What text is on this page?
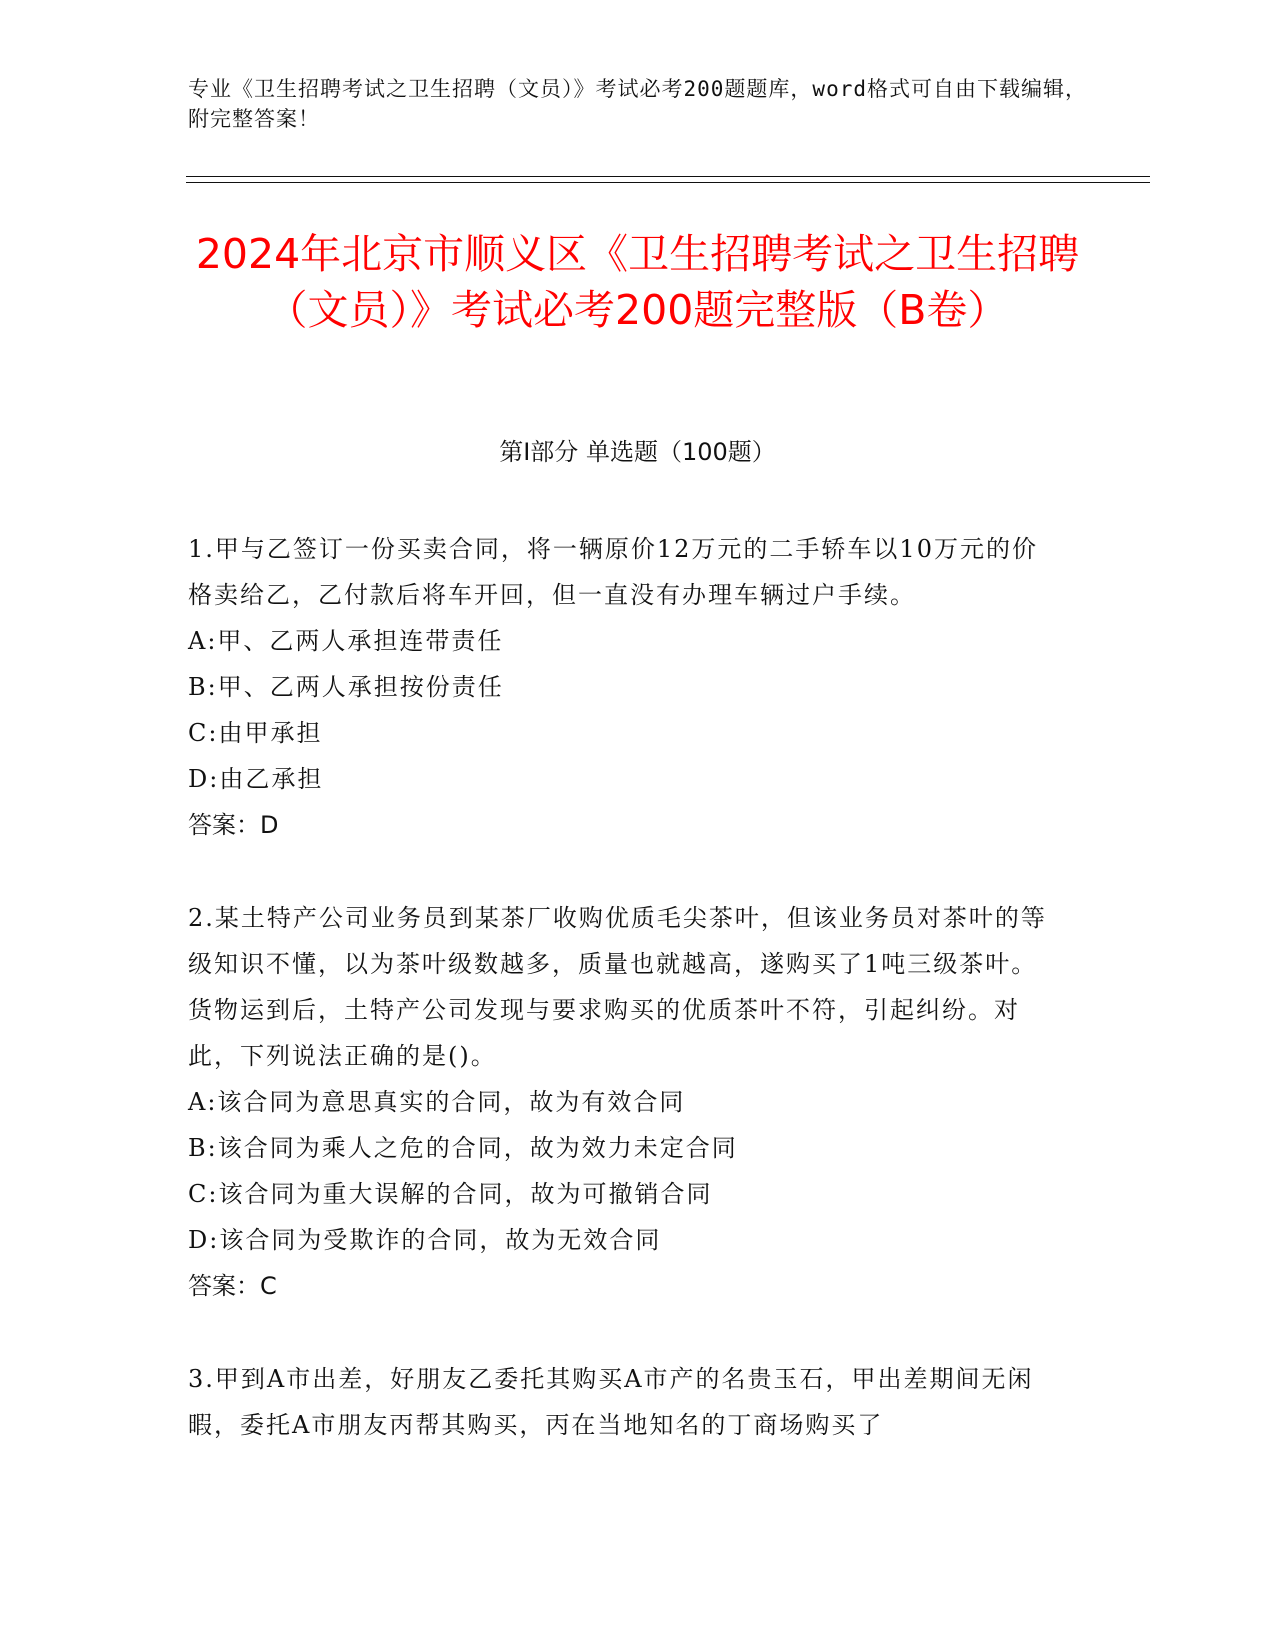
专业《卫生招聘考试之卫生招聘（文员）》考试必考200题题库，word格式可自由下载编辑，附完整答案！
2024年北京市顺义区《卫生招聘考试之卫生招聘（文员）》考试必考200题完整版（B卷）
第I部分 单选题（100题）
1.甲与乙签订一份买卖合同，将一辆原价12万元的二手轿车以10万元的价格卖给乙，乙付款后将车开回，但一直没有办理车辆过户手续。
A:甲、乙两人承担连带责任
B:甲、乙两人承担按份责任
C:由甲承担
D:由乙承担
答案：D
2.某土特产公司业务员到某茶厂收购优质毛尖茶叶，但该业务员对茶叶的等级知识不懂，以为茶叶级数越多，质量也就越高，遂购买了1吨三级茶叶。货物运到后，土特产公司发现与要求购买的优质茶叶不符，引起纠纷。对此，下列说法正确的是()。
A:该合同为意思真实的合同，故为有效合同
B:该合同为乘人之危的合同，故为效力未定合同
C:该合同为重大误解的合同，故为可撤销合同
D:该合同为受欺诈的合同，故为无效合同
答案：C
3.甲到A市出差，好朋友乙委托其购买A市产的名贵玉石，甲出差期间无闲暇，委托A市朋友丙帮其购买，丙在当地知名的丁商场购买了
